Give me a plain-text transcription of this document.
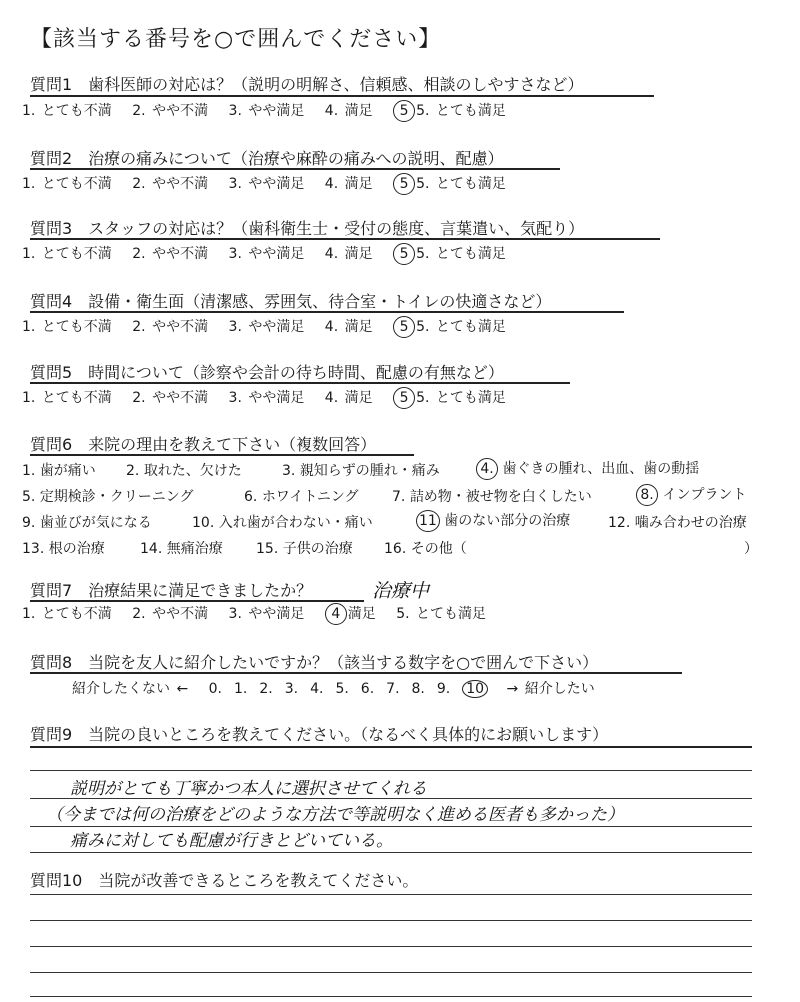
【該当する番号を○で囲んでください】
質問1　歯科医師の対応は？（説明の明解さ、信頼感、相談のしやすさなど）
1. とても不満 2. やや不満 3. やや満足 4. 満足 5 5. とても満足
質問2　治療の痛みについて（治療や麻酔の痛みへの説明、配慮）
1. とても不満 2. やや不満 3. やや満足 4. 満足 5 5. とても満足
質問3　スタッフの対応は？（歯科衛生士・受付の態度、言葉遣い、気配り）
1. とても不満 2. やや不満 3. やや満足 4. 満足 5 5. とても満足
質問4　設備・衛生面（清潔感、雰囲気、待合室・トイレの快適さなど）
1. とても不満 2. やや不満 3. やや満足 4. 満足 5 5. とても満足
質問5　時間について（診察や会計の待ち時間、配慮の有無など）
1. とても不満 2. やや不満 3. やや満足 4. 満足 5 5. とても満足
質問6　来院の理由を教えて下さい（複数回答）
1. 歯が痛い 2. 取れた、欠けた	3. 親知らずの腫れ・痛み	4. 歯ぐきの腫れ、出血、歯の動揺
5. 定期検診・クリーニング	6. ホワイトニング 7. 詰め物・被せ物を白くしたい	8. インプラント
9. 歯並びが気になる	10. 入れ歯が合わない・痛い	11 歯のない部分の治療	12. 噛み合わせの治療
13. 根の治療	14. 無痛治療 15. 子供の治療 16. その他（	）
質問7　治療結果に満足できましたか？	治療中
1. とても不満 2. やや不満 3. やや満足 4 満足 5. とても満足
質問8　当院を友人に紹介したいですか？（該当する数字を○で囲んで下さい）
紹介したくない ← 0. 1. 2. 3. 4. 5. 6. 7. 8. 9. 10 → 紹介したい
質問9　当院の良いところを教えてください。（なるべく具体的にお願いします）
説明がとても丁寧かつ本人に選択させてくれる
（今までは何の治療をどのような方法で等説明なく進める医者も多かった）
痛みに対しても配慮が行きとどいている。
質問10　当院が改善できるところを教えてください。
